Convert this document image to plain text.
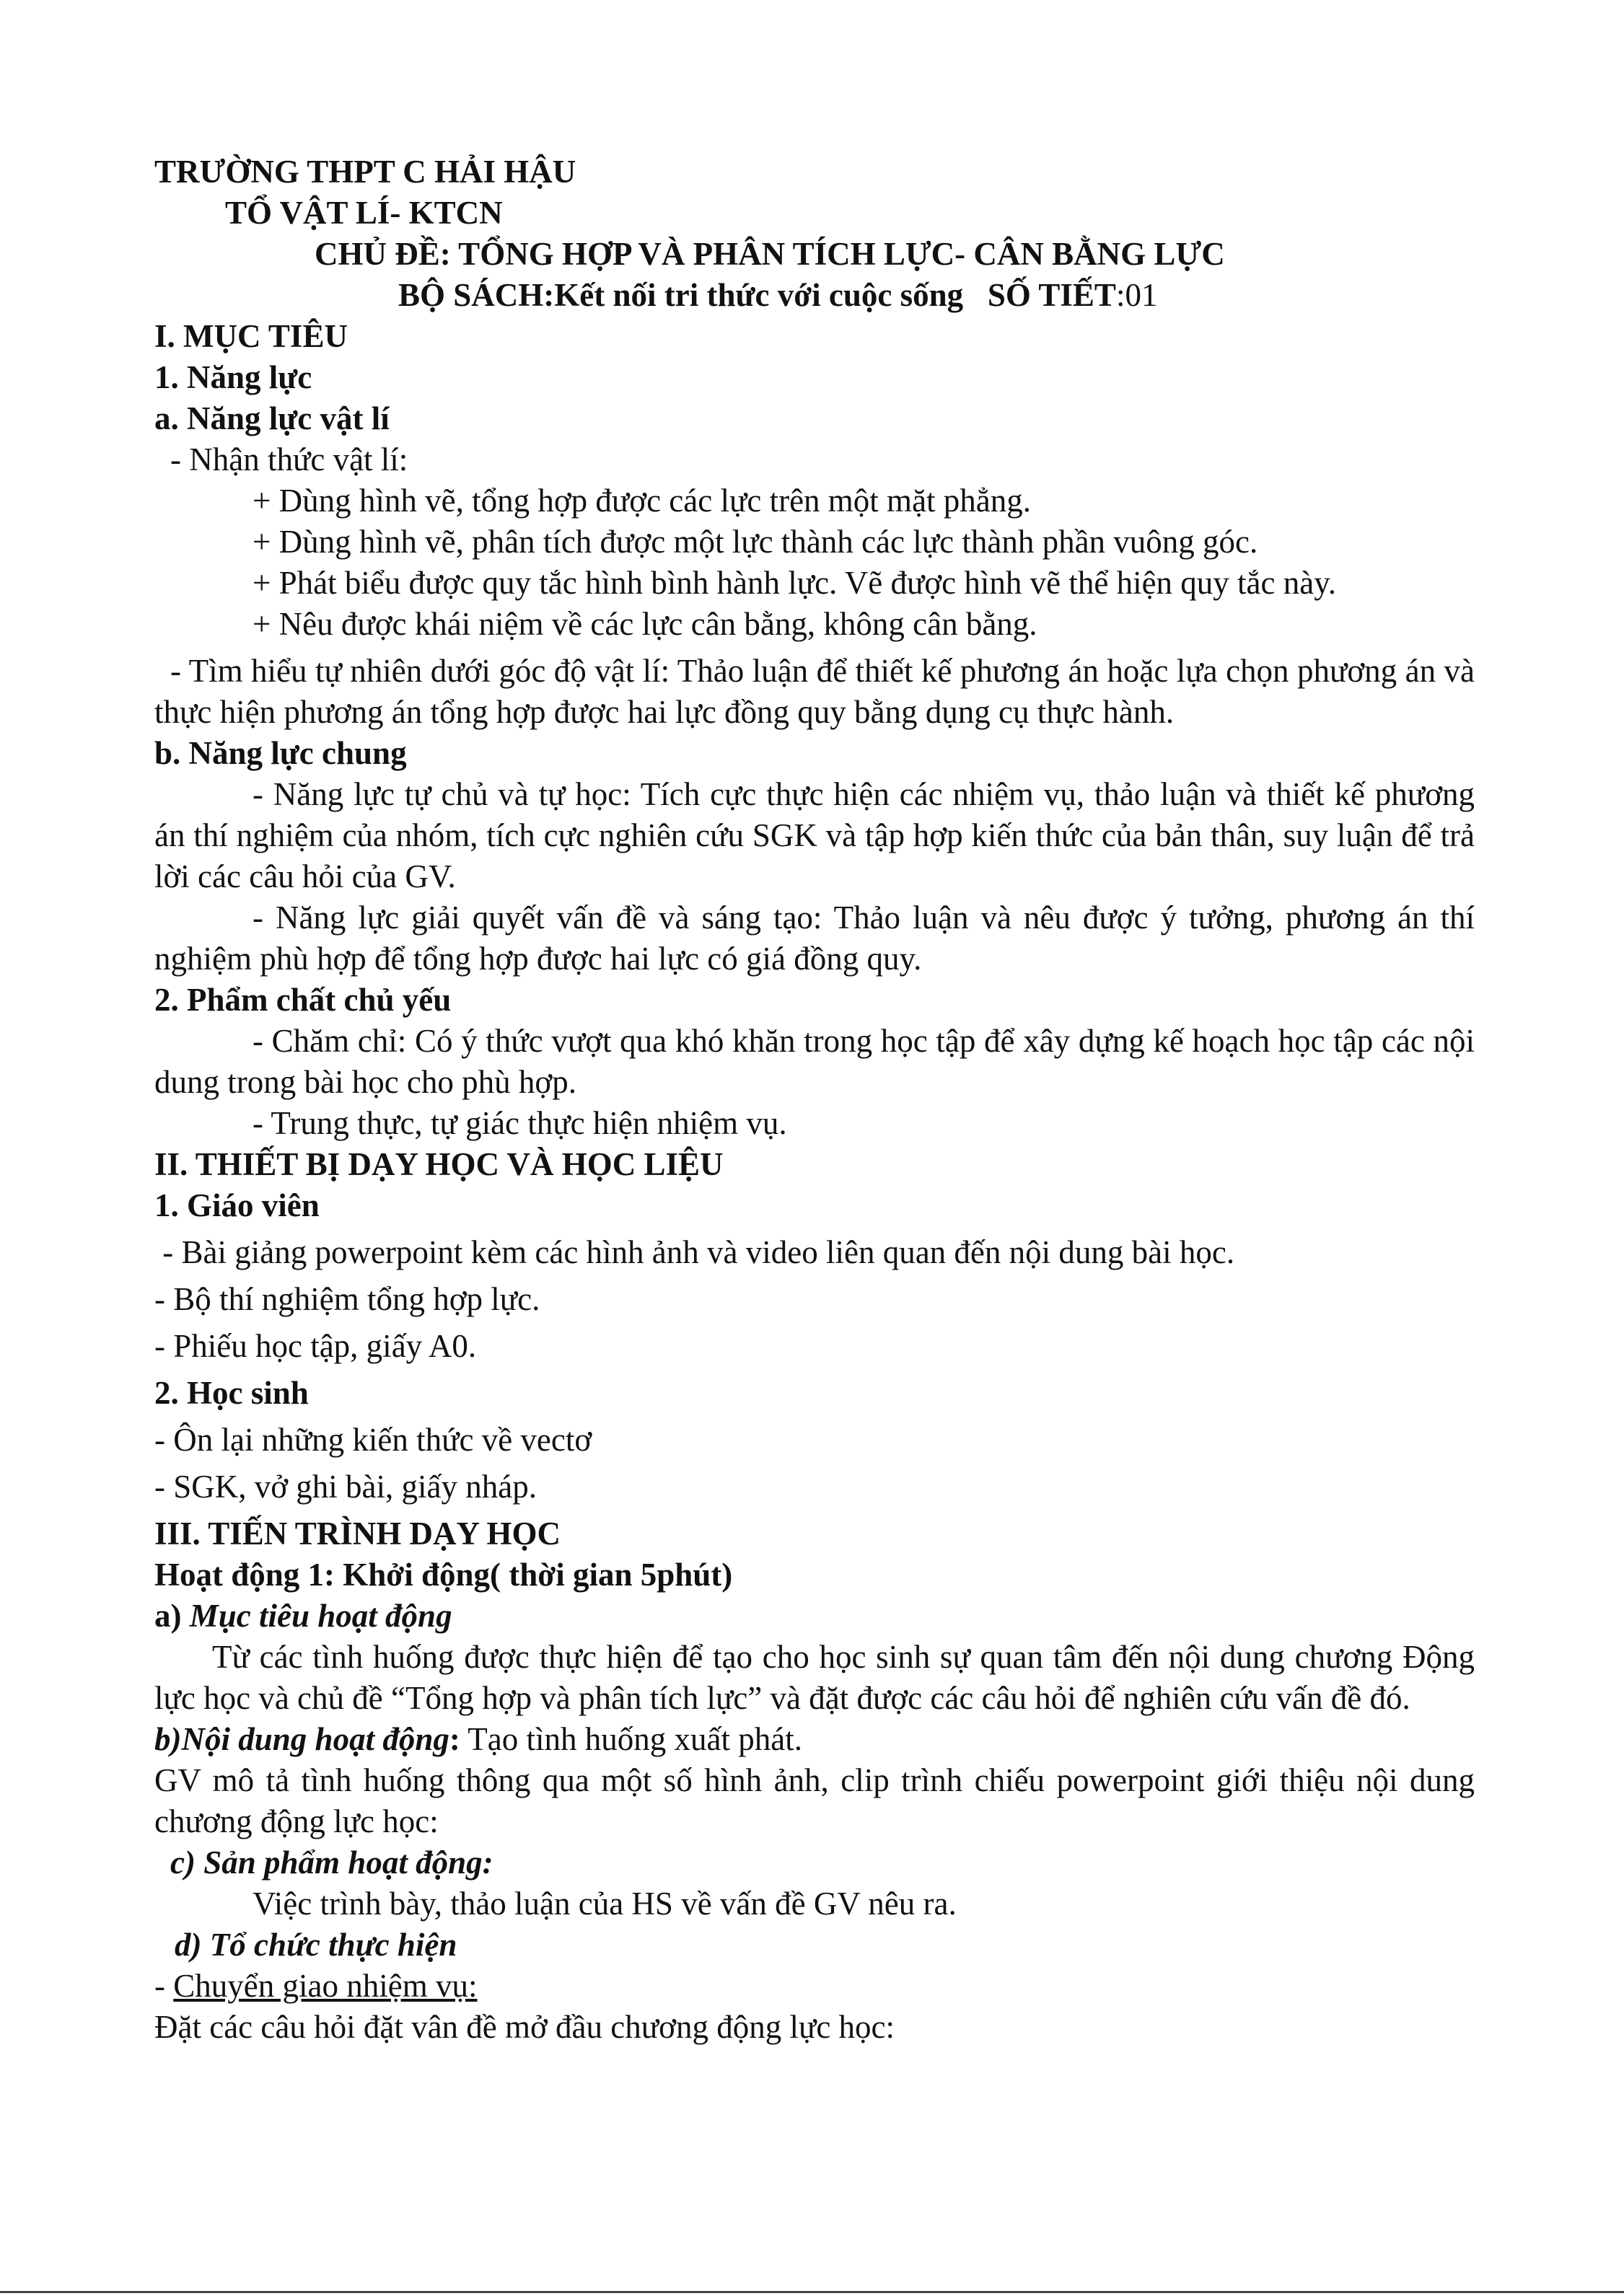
TRƯỜNG THPT C HẢI HẬU
TỔ VẬT LÍ- KTCN
CHỦ ĐỀ: TỔNG HỢP VÀ PHÂN TÍCH LỰC- CÂN BẰNG LỰC
BỘ SÁCH:Kết nối tri thức với cuộc sống SỐ TIẾT:01
I. MỤC TIÊU
1. Năng lực
a. Năng lực vật lí
- Nhận thức vật lí:
+ Dùng hình vẽ, tổng hợp được các lực trên một mặt phẳng.
+ Dùng hình vẽ, phân tích được một lực thành các lực thành phần vuông góc.
+ Phát biểu được quy tắc hình bình hành lực. Vẽ được hình vẽ thể hiện quy tắc này.
+ Nêu được khái niệm về các lực cân bằng, không cân bằng.
- Tìm hiểu tự nhiên dưới góc độ vật lí: Thảo luận để thiết kế phương án hoặc lựa chọn phương án và thực hiện phương án tổng hợp được hai lực đồng quy bằng dụng cụ thực hành.
b. Năng lực chung
- Năng lực tự chủ và tự học: Tích cực thực hiện các nhiệm vụ, thảo luận và thiết kế phương án thí nghiệm của nhóm, tích cực nghiên cứu SGK và tập hợp kiến thức của bản thân, suy luận để trả lời các câu hỏi của GV.
- Năng lực giải quyết vấn đề và sáng tạo: Thảo luận và nêu được ý tưởng, phương án thí nghiệm phù hợp để tổng hợp được hai lực có giá đồng quy.
2. Phẩm chất chủ yếu
- Chăm chỉ: Có ý thức vượt qua khó khăn trong học tập để xây dựng kế hoạch học tập các nội dung trong bài học cho phù hợp.
- Trung thực, tự giác thực hiện nhiệm vụ.
II. THIẾT BỊ DẠY HỌC VÀ HỌC LIỆU
1. Giáo viên
- Bài giảng powerpoint kèm các hình ảnh và video liên quan đến nội dung bài học.
- Bộ thí nghiệm tổng hợp lực.
- Phiếu học tập, giấy A0.
2. Học sinh
- Ôn lại những kiến thức về vectơ
- SGK, vở ghi bài, giấy nháp.
III. TIẾN TRÌNH DẠY HỌC
Hoạt động 1: Khởi động( thời gian 5phút)
a) Mục tiêu hoạt động
Từ các tình huống được thực hiện để tạo cho học sinh sự quan tâm đến nội dung chương Động lực học và chủ đề “Tổng hợp và phân tích lực” và đặt được các câu hỏi để nghiên cứu vấn đề đó.
b)Nội dung hoạt động: Tạo tình huống xuất phát.
GV mô tả tình huống thông qua một số hình ảnh, clip trình chiếu powerpoint giới thiệu nội dung chương động lực học:
c) Sản phẩm hoạt động:
Việc trình bày, thảo luận của HS về vấn đề GV nêu ra.
d) Tổ chức thực hiện
- Chuyển giao nhiệm vụ:
Đặt các câu hỏi đặt vân đề mở đầu chương động lực học:
